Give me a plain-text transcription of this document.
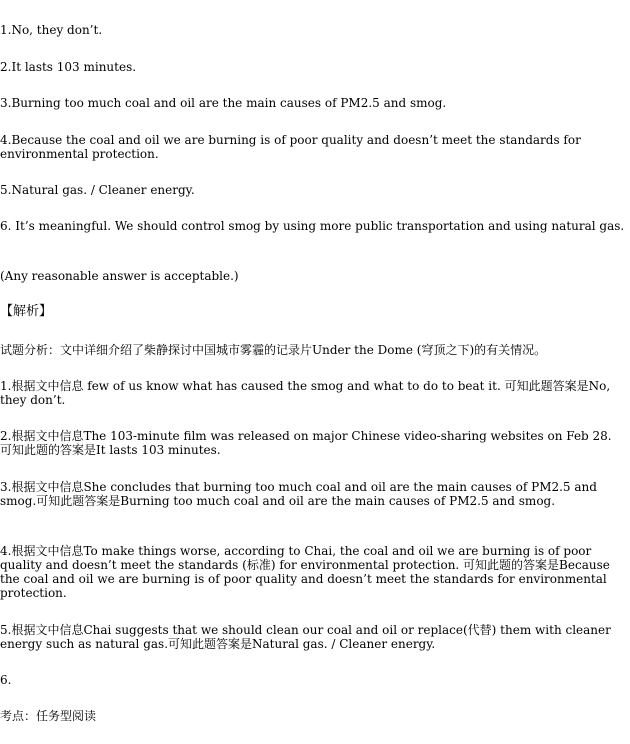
1.No, they don’t.

2.It lasts 103 minutes.

3.Burning too much coal and oil are the main causes of PM2.5 and smog.

4.Because the coal and oil we are burning is of poor quality and doesn’t meet the standards for environmental protection.

5.Natural gas. / Cleaner energy.

6. It’s meaningful. We should control smog by using more public transportation and using natural gas.

(Any reasonable answer is acceptable.)

【解析】

试题分析：文中详细介绍了柴静探讨中国城市雾霾的记录片Under the Dome (穹顶之下)的有关情况。

1.根据文中信息 few of us know what has caused the smog and what to do to beat it. 可知此题答案是No, they don’t.

2.根据文中信息The 103-minute film was released on major Chinese video-sharing websites on Feb 28. 可知此题的答案是It lasts 103 minutes.

3.根据文中信息She concludes that burning too much coal and oil are the main causes of PM2.5 and smog.可知此题答案是Burning too much coal and oil are the main causes of PM2.5 and smog.

4.根据文中信息To make things worse, according to Chai, the coal and oil we are burning is of poor quality and doesn’t meet the standards (标准) for environmental protection. 可知此题的答案是Because the coal and oil we are burning is of poor quality and doesn’t meet the standards for environmental protection.

5.根据文中信息Chai suggests that we should clean our coal and oil or replace(代替) them with cleaner energy such as natural gas.可知此题答案是Natural gas. / Cleaner energy.

6.

考点：任务型阅读
